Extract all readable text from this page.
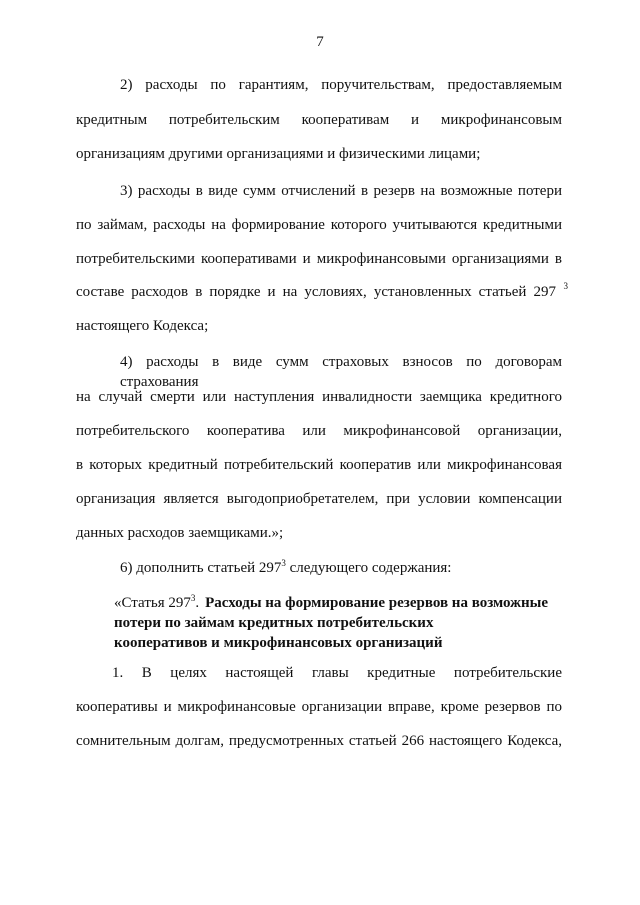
7
2) расходы по гарантиям, поручительствам, предоставляемым
кредитным потребительским кооперативам и микрофинансовым
организациям другими организациями и физическими лицами;
3) расходы в виде сумм отчислений в резерв на возможные потери
по займам, расходы на формирование которого учитываются кредитными
потребительскими кооперативами и микрофинансовыми организациями в
составе расходов в порядке и на условиях, установленных статьей 297 3
настоящего Кодекса;
4) расходы в виде сумм страховых взносов по договорам страхования
на случай смерти или наступления инвалидности заемщика кредитного
потребительского кооператива или микрофинансовой организации,
в которых кредитный потребительский кооператив или микрофинансовая
организация является выгодоприобретателем, при условии компенсации
данных расходов заемщиками.»;
6) дополнить статьей $297^3$ следующего содержания:
«Статья $297^3$. Расходы на формирование резервов на возможные
потери по займам кредитных потребительских
кооперативов и микрофинансовых организаций
1. В целях настоящей главы кредитные потребительские
кооперативы и микрофинансовые организации вправе, кроме резервов по
сомнительным долгам, предусмотренных статьей 266 настоящего Кодекса,
